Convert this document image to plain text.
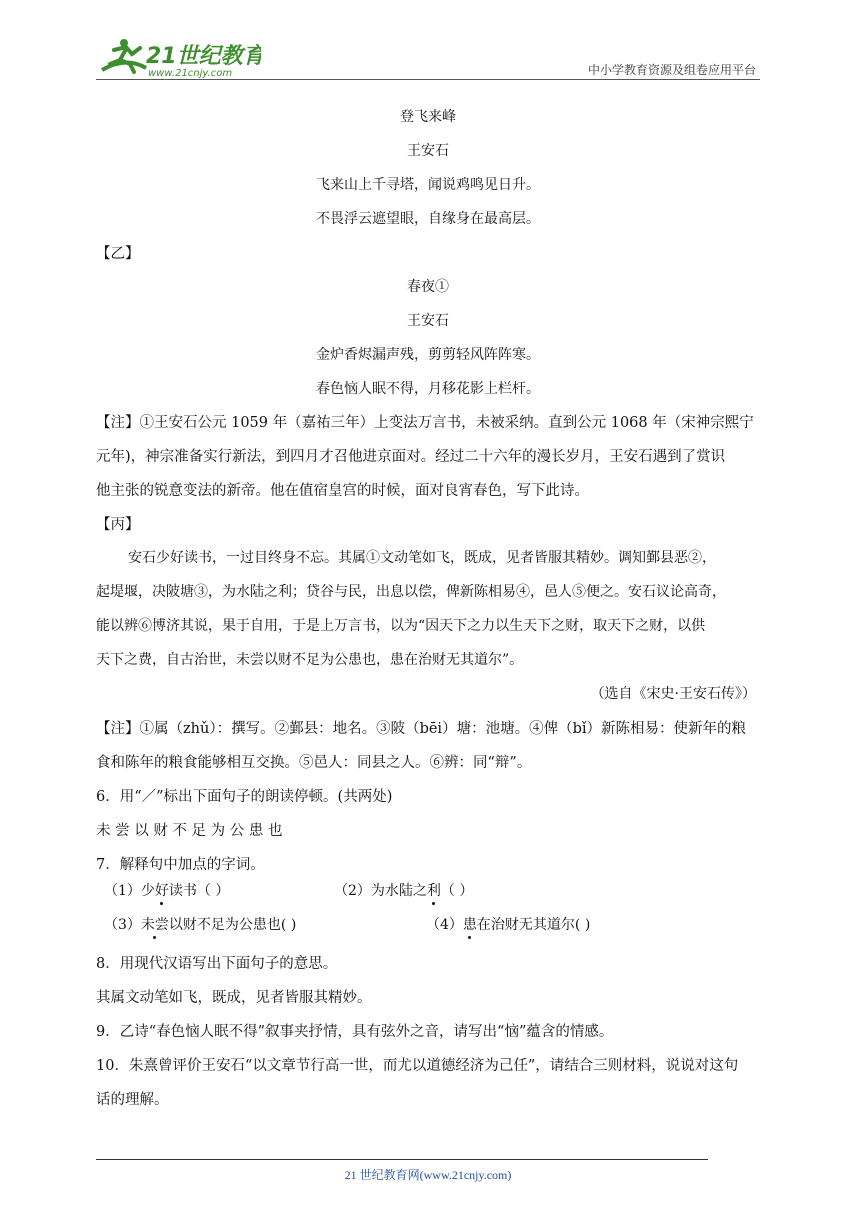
21世纪教育
www.21cnjy.com	中小学教育资源及组卷应用平台
登飞来峰
王安石
飞来山上千寻塔，闻说鸡鸣见日升。
不畏浮云遮望眼，自缘身在最高层。
【乙】
春夜①
王安石
金炉香烬漏声残，剪剪轻风阵阵寒。
春色恼人眠不得，月移花影上栏杆。
【注】①王安石公元 1059 年（嘉祐三年）上变法万言书，未被采纳。直到公元 1068 年（宋神宗熙宁
元年)，神宗准备实行新法，到四月才召他进京面对。经过二十六年的漫长岁月，王安石遇到了赏识
他主张的锐意变法的新帝。他在值宿皇宫的时候，面对良宵春色，写下此诗。
【丙】
安石少好读书，一过目终身不忘。其属①文动笔如飞，既成，见者皆服其精妙。调知鄞县恶②，
起堤堰，决陂塘③，为水陆之利；贷谷与民，出息以偿，俾新陈相易④，邑人⑤便之。安石议论高奇，
能以辨⑥博济其说，果于自用，于是上万言书，以为“因天下之力以生天下之财，取天下之财，以供
天下之费，自古治世，未尝以财不足为公患也，患在治财无其道尔”。
（选自《宋史·王安石传》）
【注】①属（zhǔ）：撰写。②鄞县：地名。③陂（bēi）塘：池塘。④俾（bǐ）新陈相易：使新年的粮
食和陈年的粮食能够相互交换。⑤邑人：同县之人。⑥辨：同“辩”。
6．用“／”标出下面句子的朗读停顿。(共两处)
未 尝 以 财 不 足 为 公 患 也
7．解释句中加点的字词。
（1）少好读书（ ）	（2）为水陆之利（ ）
（3）未尝以财不足为公患也( )	（4）患在治财无其道尔( )
8．用现代汉语写出下面句子的意思。
其属文动笔如飞，既成，见者皆服其精妙。
9．乙诗“春色恼人眠不得”叙事夹抒情，具有弦外之音，请写出“恼”蕴含的情感。
10．朱熹曾评价王安石“以文章节行高一世，而尤以道德经济为己任”，请结合三则材料，说说对这句
话的理解。
21 世纪教育网(www.21cnjy.com)
